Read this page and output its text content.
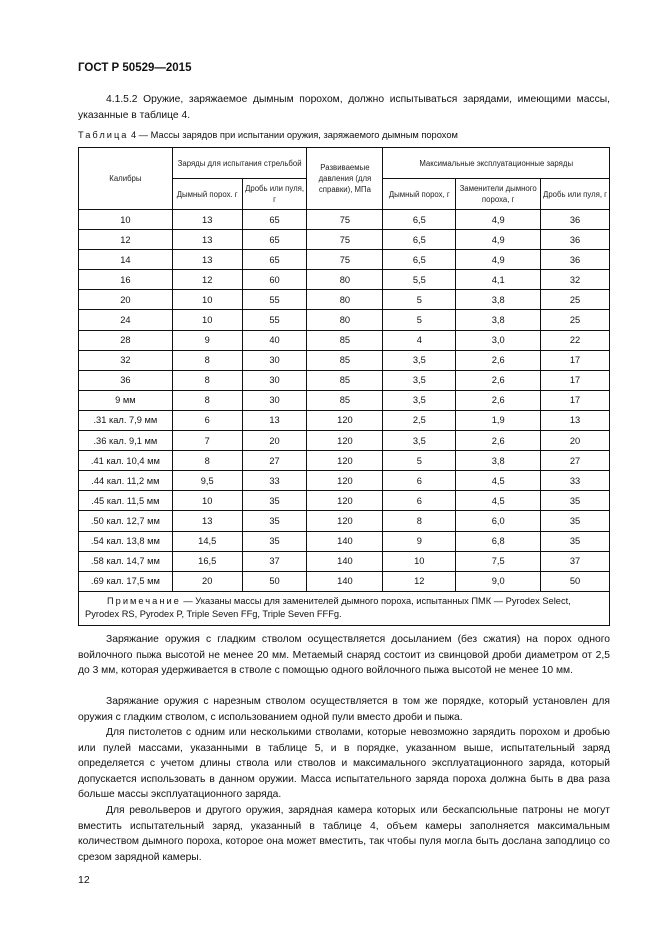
ГОСТ Р 50529—2015
4.1.5.2 Оружие, заряжаемое дымным порохом, должно испытываться зарядами, имеющими массы, указанные в таблице 4.
Таблица 4 — Массы зарядов при испытании оружия, заряжаемого дымным порохом
Калибры	Заряды для испытания стрельбой		Развиваемые давления (для справки), МПа	Максимальные эксплуатационные заряды		
	Дымный порох. г	Дробь или пуля, г		Дымный порох, г	Заменители дымного пороха, г	Дробь или пуля, г
10	13	65	75	6,5	4,9	36
12	13	65	75	6,5	4,9	36
14	13	65	75	6,5	4,9	36
16	12	60	80	5,5	4,1	32
20	10	55	80	5	3,8	25
24	10	55	80	5	3,8	25
28	9	40	85	4	3,0	22
32	8	30	85	3,5	2,6	17
36	8	30	85	3,5	2,6	17
9 мм	8	30	85	3,5	2,6	17
.31 кал. 7,9 мм	6	13	120	2,5	1,9	13
.36 кал. 9,1 мм	7	20	120	3,5	2,6	20
.41 кал. 10,4 мм	8	27	120	5	3,8	27
.44 кал. 11,2 мм	9,5	33	120	6	4,5	33
.45 кал. 11,5 мм	10	35	120	6	4,5	35
.50 кал. 12,7 мм	13	35	120	8	6,0	35
.54 кал. 13,8 мм	14,5	35	140	9	6,8	35
.58 кал. 14,7 мм	16,5	37	140	10	7,5	37
.69 кал. 17,5 мм	20	50	140	12	9,0	50
Примечание — Указаны массы для заменителей дымного пороха, испытанных ПМК — Pyrodex Select, Pyrodex RS, Pyrodex P, Triple Seven FFg, Triple Seven FFFg.						
Заряжание оружия с гладким стволом осуществляется досыланием (без сжатия) на порох одного войлочного пыжа высотой не менее 20 мм. Метаемый снаряд состоит из свинцовой дроби диаметром от 2,5 до 3 мм, которая удерживается в стволе с помощью одного войлочного пыжа высотой не менее 10 мм.
Заряжание оружия с нарезным стволом осуществляется в том же порядке, который установлен для оружия с гладким стволом, с использованием одной пули вместо дроби и пыжа.
Для пистолетов с одним или несколькими стволами, которые невозможно зарядить порохом и дробью или пулей массами, указанными в таблице 5, и в порядке, указанном выше, испытательный заряд определяется с учетом длины ствола или стволов и максимального эксплуатационного заряда, который допускается использовать в данном оружии. Масса испытательного заряда пороха должна быть в два раза больше массы эксплуатационного заряда.
Для револьверов и другого оружия, зарядная камера которых или бескапсюльные патроны не могут вместить испытательный заряд, указанный в таблице 4, объем камеры заполняется максимальным количеством дымного пороха, которое она может вместить, так чтобы пуля могла быть дослана заподлицо со срезом зарядной камеры.
12
